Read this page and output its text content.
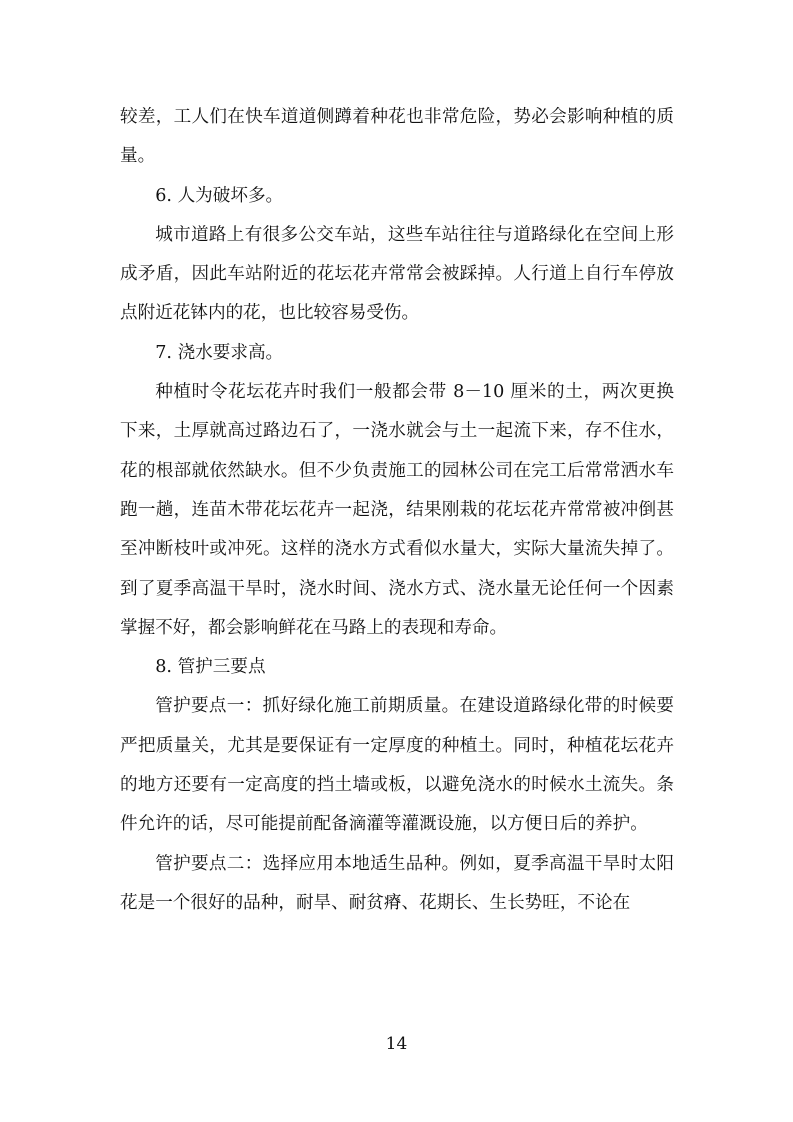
较差，工人们在快车道道侧蹲着种花也非常危险，势必会影响种植的质量。

6. 人为破坏多。

城市道路上有很多公交车站，这些车站往往与道路绿化在空间上形成矛盾，因此车站附近的花坛花卉常常会被踩掉。人行道上自行车停放点附近花钵内的花，也比较容易受伤。

7. 浇水要求高。

种植时令花坛花卉时我们一般都会带 8－10 厘米的土，两次更换下来，土厚就高过路边石了，一浇水就会与土一起流下来，存不住水，花的根部就依然缺水。但不少负责施工的园林公司在完工后常常洒水车跑一趟，连苗木带花坛花卉一起浇，结果刚栽的花坛花卉常常被冲倒甚至冲断枝叶或冲死。这样的浇水方式看似水量大，实际大量流失掉了。到了夏季高温干旱时，浇水时间、浇水方式、浇水量无论任何一个因素掌握不好，都会影响鲜花在马路上的表现和寿命。

8. 管护三要点

管护要点一：抓好绿化施工前期质量。在建设道路绿化带的时候要严把质量关，尤其是要保证有一定厚度的种植土。同时，种植花坛花卉的地方还要有一定高度的挡土墙或板，以避免浇水的时候水土流失。条件允许的话，尽可能提前配备滴灌等灌溉设施，以方便日后的养护。

管护要点二：选择应用本地适生品种。例如，夏季高温干旱时太阳花是一个很好的品种，耐旱、耐贫瘠、花期长、生长势旺，不论在

14
